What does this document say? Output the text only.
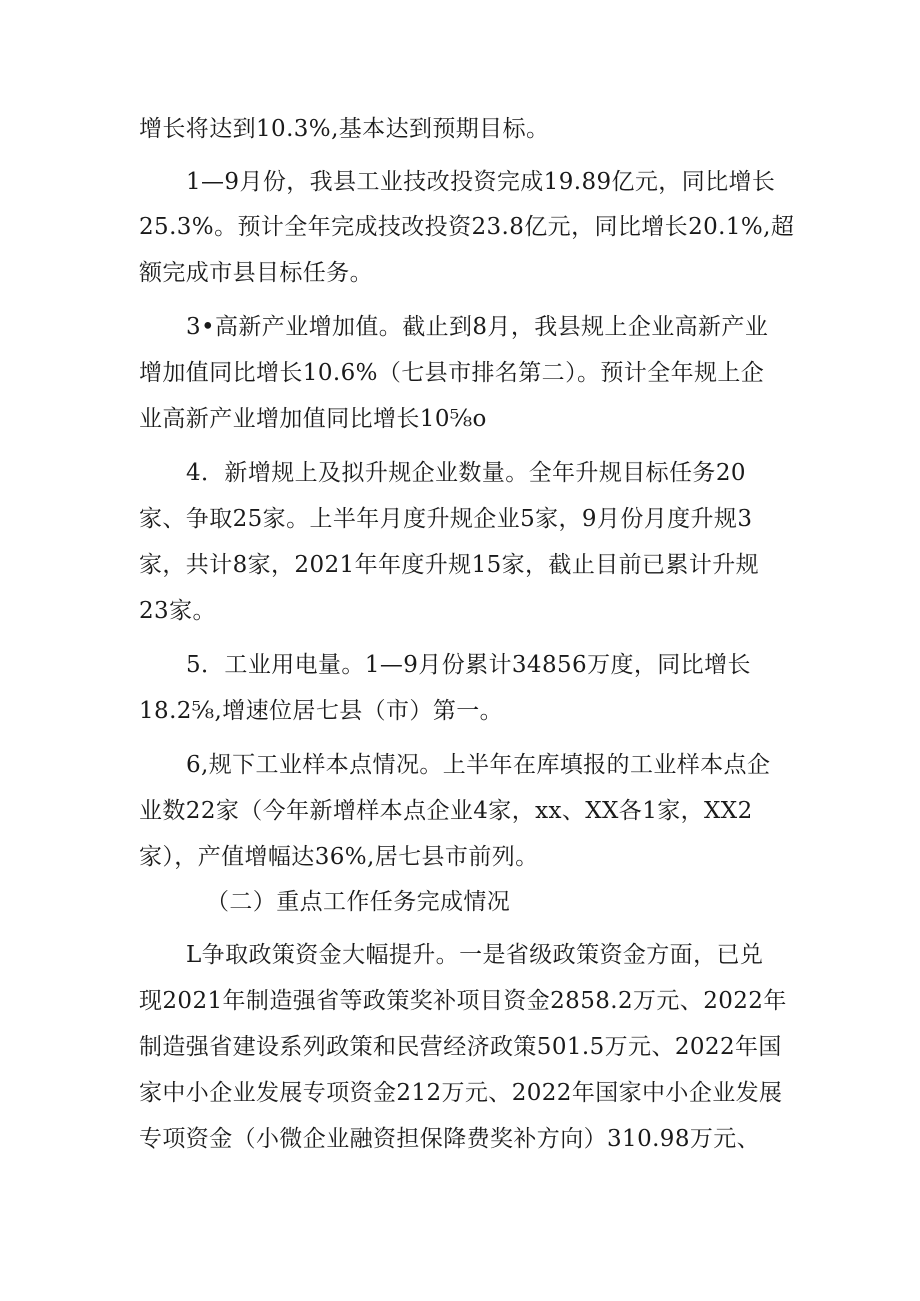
增长将达到10.3%,基本达到预期目标。
1—9月份，我县工业技改投资完成19.89亿元，同比增长
25.3%。预计全年完成技改投资23.8亿元，同比增长20.1%,超
额完成市县目标任务。
3•高新产业增加值。截止到8月，我县规上企业高新产业
增加值同比增长10.6%（七县市排名第二）。预计全年规上企
业高新产业增加值同比增长10⅝o
4．新增规上及拟升规企业数量。全年升规目标任务20
家、争取25家。上半年月度升规企业5家，9月份月度升规3
家，共计8家，2021年年度升规15家，截止目前已累计升规
23家。
5．工业用电量。1—9月份累计34856万度，同比增长
18.2⅝,增速位居七县（市）第一。
6,规下工业样本点情况。上半年在库填报的工业样本点企
业数22家（今年新增样本点企业4家，xx、XX各1家，XX2
家），产值增幅达36%,居七县市前列。
（二）重点工作任务完成情况
L争取政策资金大幅提升。一是省级政策资金方面，已兑
现2021年制造强省等政策奖补项目资金2858.2万元、2022年
制造强省建设系列政策和民营经济政策501.5万元、2022年国
家中小企业发展专项资金212万元、2022年国家中小企业发展
专项资金（小微企业融资担保降费奖补方向）310.98万元、
